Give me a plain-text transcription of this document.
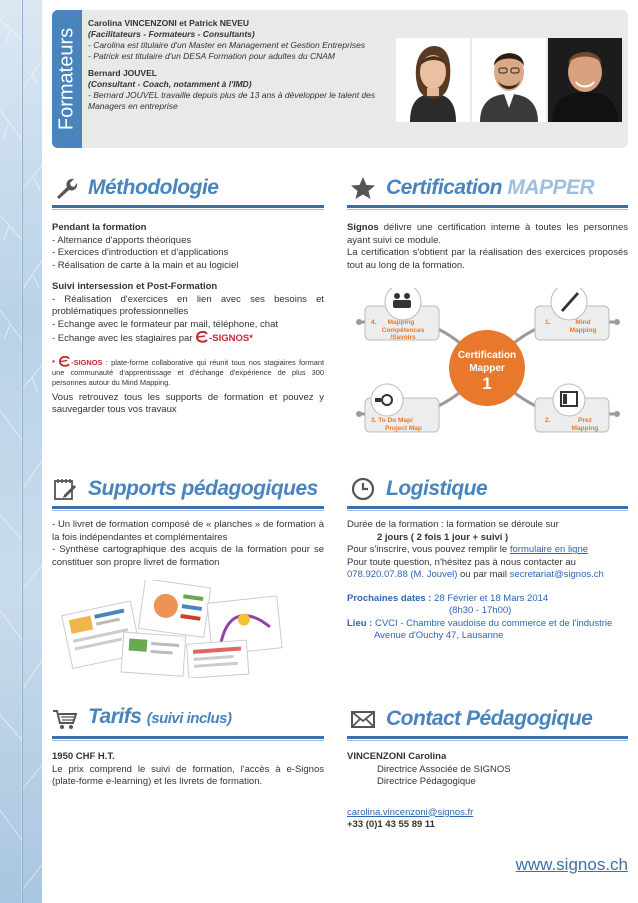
Formateurs
Carolina VINCENZONI et Patrick NEVEU
(Facilitateurs - Formateurs - Consultants)
- Carolina est titulaire d'un Master en Management et Gestion Entreprises
- Patrick est titulaire d'un DESA Formation pour adultes du CNAM
Bernard JOUVEL
(Consultant - Coach, notamment à l'IMD)
- Bernard JOUVEL travaille depuis plus de 13 ans à développer le talent des Managers en entreprise
Méthodologie	Certification MAPPER
Pendant la formation
- Alternance d'apports théoriques
- Exercices d'introduction et d'applications
- Réalisation de carte à la main et au logiciel
Suivi intersession et Post-Formation
- Réalisation d'exercices en lien avec ses besoins et problématiques professionnelles
- Echange avec le formateur par mail, téléphone, chat
- Echange avec les stagiaires par -SIGNOS*
* -SIGNOS : plate-forme collaborative qui réunit tous nos stagiaires formant une communauté d'apprentissage et d'échange d'expérience de plus 300 personnes autour du Mind Mapping.
Vous retrouvez tous les supports de formation et pouvez y sauvegarder tous vos travaux
Signos délivre une certification interne à toutes les personnes ayant suivi ce module.
La certification s'obtient par la réalisation des exercices proposés tout au long de la formation.
Certification
Mapper
1
4. Mapping
Compétences
/Savoirs
1.	Mind
Mapping
3. To Do Map/
Project Map
2.	Prez
Mapping
Supports pédagogiques	Logistique
- Un livret de formation composé de « planches » de formation à la fois indépendantes et complémentaires
- Synthèse cartographique des acquis de la formation pour se constituer son propre livret de formation
Durée de la formation : la formation se déroule sur
2 jours ( 2 fois 1 jour + suivi )
Pour s'inscrire, vous pouvez remplir le formulaire en ligne
Pour toute question, n'hésitez pas à nous contacter au
078.920.07.88 (M. Jouvel) ou par mail secretariat@signos.ch
Prochaines dates : 28 Février et 18 Mars 2014
(8h30 - 17h00)
Lieu : CVCI - Chambre vaudoise du commerce et de l'industrie
Avenue d'Ouchy 47, Lausanne
Tarifs (suivi inclus)	Contact Pédagogique
1950 CHF H.T.
Le prix comprend le suivi de formation, l'accès à e-Signos (plate-forme e-learning) et les livrets de formation.
VINCENZONI Carolina
Directrice Associée de SIGNOS
Directrice Pédagogique
carolina.vincenzoni@signos.fr
+33 (0)1 43 55 89 11
www.signos.ch
